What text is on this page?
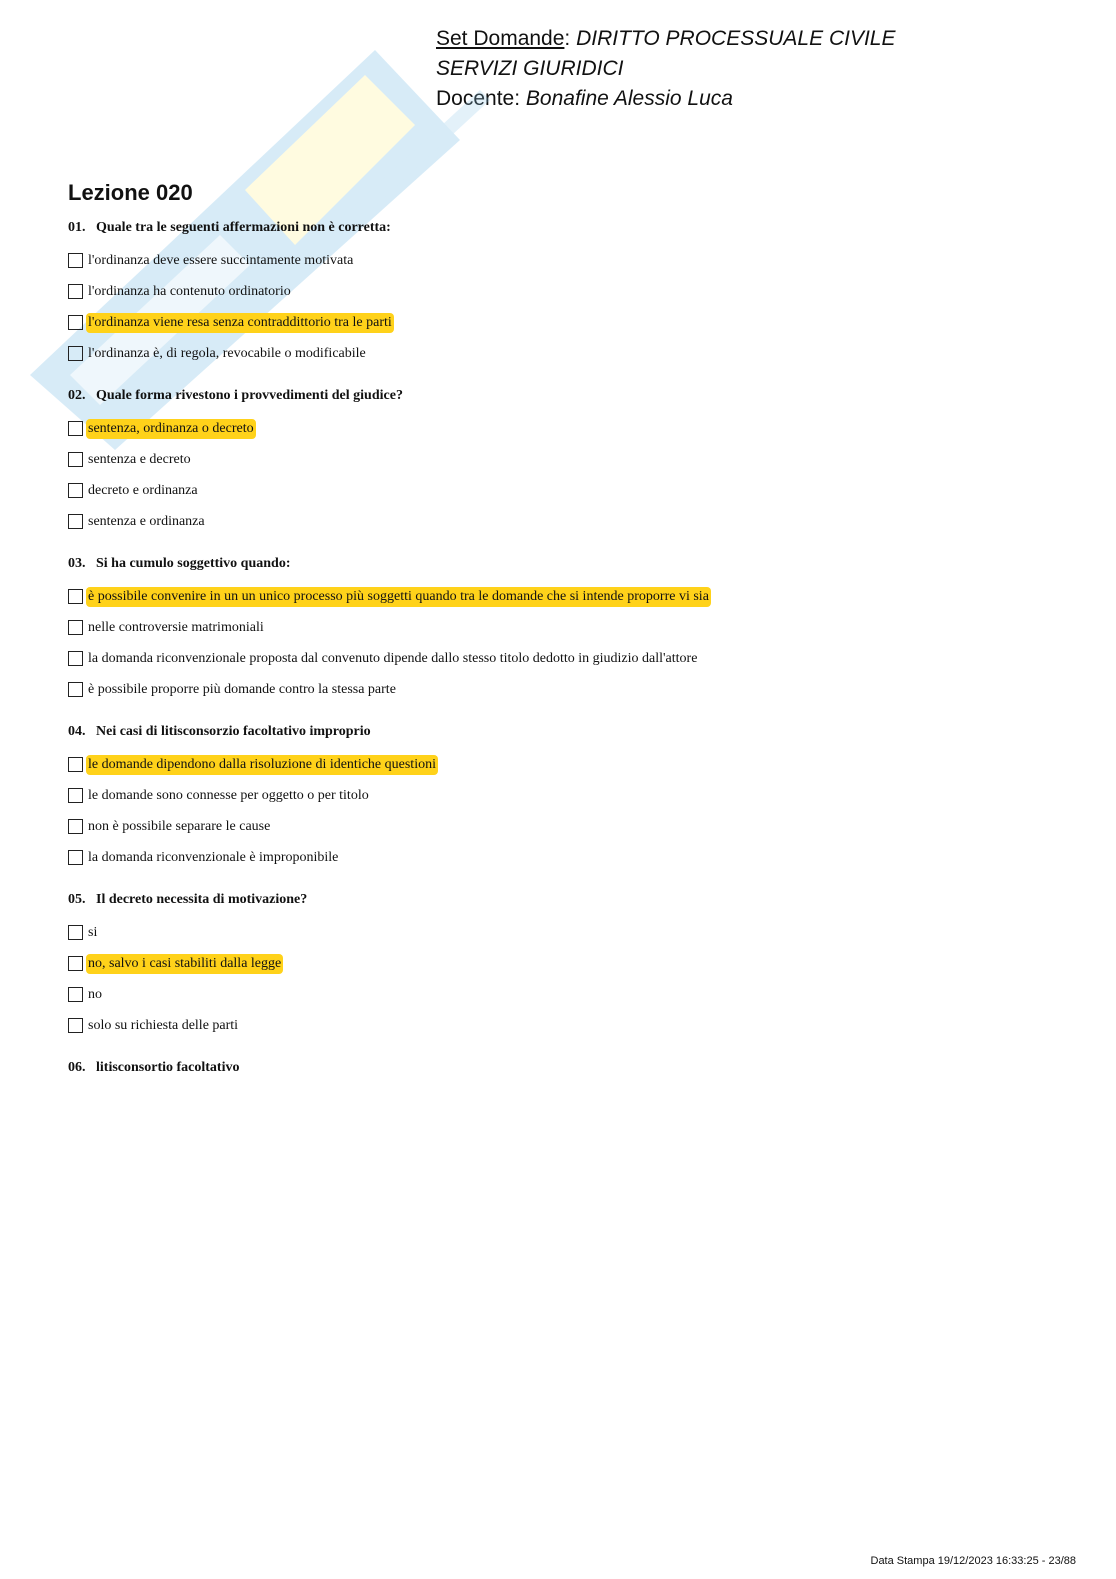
Set Domande: DIRITTO PROCESSUALE CIVILE
SERVIZI GIURIDICI
Docente: Bonafine Alessio Luca
Lezione 020
01. Quale tra le seguenti affermazioni non è corretta:
l'ordinanza deve essere succintamente motivata
l'ordinanza ha contenuto ordinatorio
l'ordinanza viene resa senza contraddittorio tra le parti
l'ordinanza è, di regola, revocabile o modificabile
02. Quale forma rivestono i provvedimenti del giudice?
sentenza, ordinanza o decreto
sentenza e decreto
decreto e ordinanza
sentenza e ordinanza
03. Si ha cumulo soggettivo quando:
è possibile convenire in un un unico processo più soggetti quando tra le domande che si intende proporre vi sia
nelle controversie matrimoniali
la domanda riconvenzionale proposta dal convenuto dipende dallo stesso titolo dedotto in giudizio dall'attore
è possibile proporre più domande contro la stessa parte
04. Nei casi di litisconsorzio facoltativo improprio
le domande dipendono dalla risoluzione di identiche questioni
le domande sono connesse per oggetto o per titolo
non è possibile separare le cause
la domanda riconvenzionale è improponibile
05. Il decreto necessita di motivazione?
si
no, salvo i casi stabiliti dalla legge
no
solo su richiesta delle parti
06. litisconsortio facoltativo
Data Stampa 19/12/2023 16:33:25 - 23/88
